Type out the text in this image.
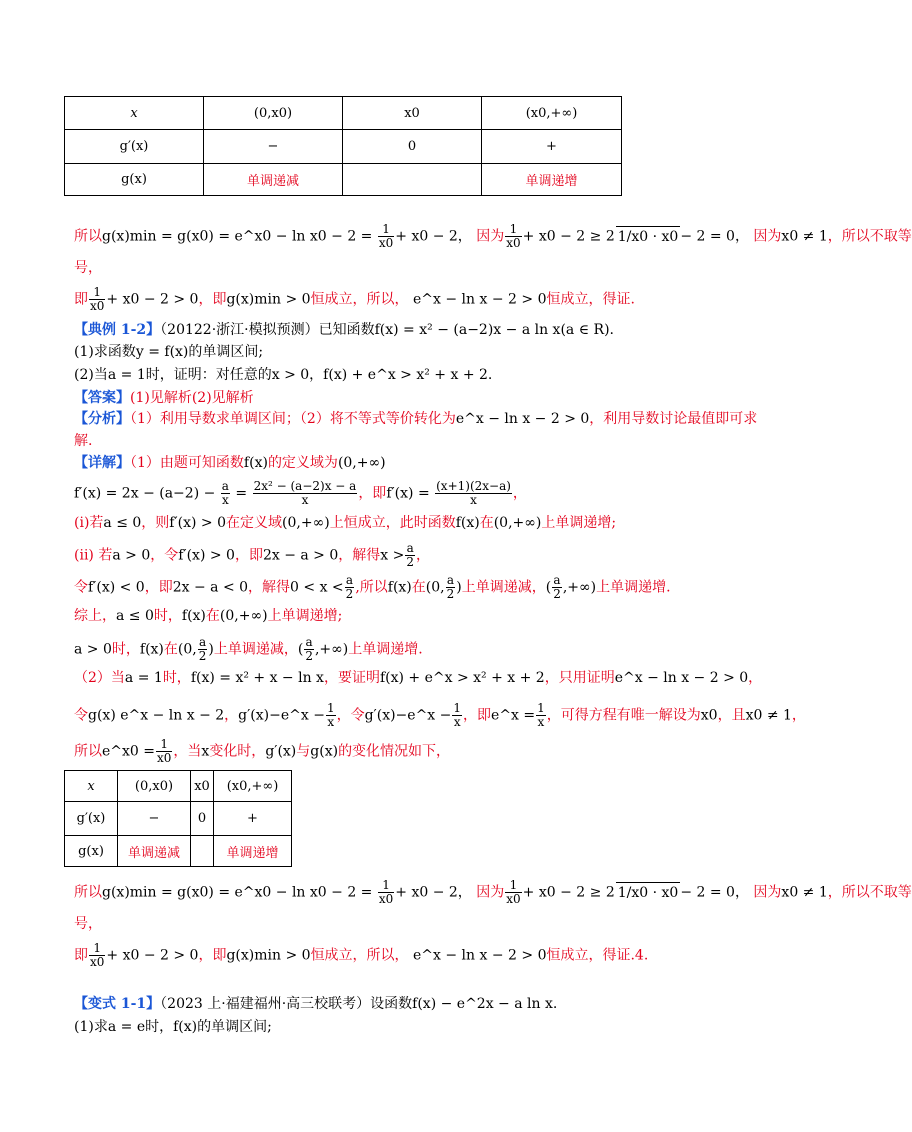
x	(0,x0)	x0	(x0,+∞)
g′(x)	−	0	+
g(x)	单调递减		单调递增
所以g(x)min = g(x0) = e^x0 − $\ln x0 - 2 = \frac{1}{x0} + x0 - 2$， 因为 $\frac{1}{x0} + x0 - 2 \ge 2$ 1/x0 · x0 − 2 = 0， 因为x0 ≠ 1，所以不取等
号，
即 $\frac{1}{x0} + x0 - 2 > 0$，即g(x)min > 0恒成立，所以， e^x − ln x − 2 > 0恒成立，得证.
【典例 1-2】（20122·浙江·模拟预测）已知函数f(x) = x² − (a−2)x − a ln x(a ∈ R).
(1)求函数y = f(x)的单调区间;
(2)当a = 1时，证明：对任意的x > 0，f(x) + e^x > x² + x + 2.
【答案】(1)见解析(2)见解析
【分析】（1）利用导数求单调区间；（2）将不等式等价转化为e^x − ln x − 2 > 0，利用导数讨论最值即可求
解.
【详解】（1）由题可知函数f(x)的定义域为(0,+∞)
$f'(x) = 2x - (a-2) - \frac{a}{x} = \frac{\text{2x² − (a−2)x − a}}{x}$ ，即$f'(x) = \frac{(x+1)(2x-a)}{x}$ ，
(i)若a ≤ 0，则f′(x) > 0在定义域(0,+∞)上恒成立，此时函数f(x)在(0,+∞)上单调递增;
(ii) 若a > 0，令f′(x) > 0，即2x − a > 0，解得$x > \frac{a}{2}$ ，
令f′(x) < 0，即2x − a < 0，解得$0 < x < \frac{a}{2}$ ,所以f(x)在(0, $\frac{a}{2}$ )上单调递减，( $\frac{a}{2}$ ,+∞)上单调递增.
综上，a ≤ 0时，f(x)在(0,+∞)上单调递增;
a > 0时，f(x)在(0, $\frac{a}{2}$ )上单调递减，( $\frac{a}{2}$ ,+∞)上单调递增.
（2）当a = 1时，f(x) = x² + x − ln x，要证明f(x) + e^x > x² + x + 2，只用证明e^x − ln x − 2 > 0，
令g(x) e^x − ln x − 2，g′(x)−e^x − $\frac{1}{x}$ ，令g′(x)−e^x − $\frac{1}{x}$ ，即e^x = $\frac{1}{x}$ ，可得方程有唯一解设为x0，且x0 ≠ 1，
所以e^x0 = $\frac{1}{x0}$ ，当x变化时，g′(x)与g(x)的变化情况如下，
x	(0,x0)	x0	(x0,+∞)
g′(x)	−	0	+
g(x)	单调递减		单调递增
所以g(x)min = g(x0) = e^x0 − $\ln x0 - 2 = \frac{1}{x0} + x0 - 2$， 因为 $\frac{1}{x0} + x0 - 2 \ge 2$ 1/x0 · x0 − 2 = 0， 因为x0 ≠ 1，所以不取等
号，
即 $\frac{1}{x0} + x0 - 2 > 0$，即g(x)min > 0恒成立，所以， e^x − ln x − 2 > 0恒成立，得证.4.
【变式 1-1】（2023 上·福建福州·高三校联考）设函数f(x) − e^2x − a ln x.
(1)求a = e时，f(x)的单调区间;
